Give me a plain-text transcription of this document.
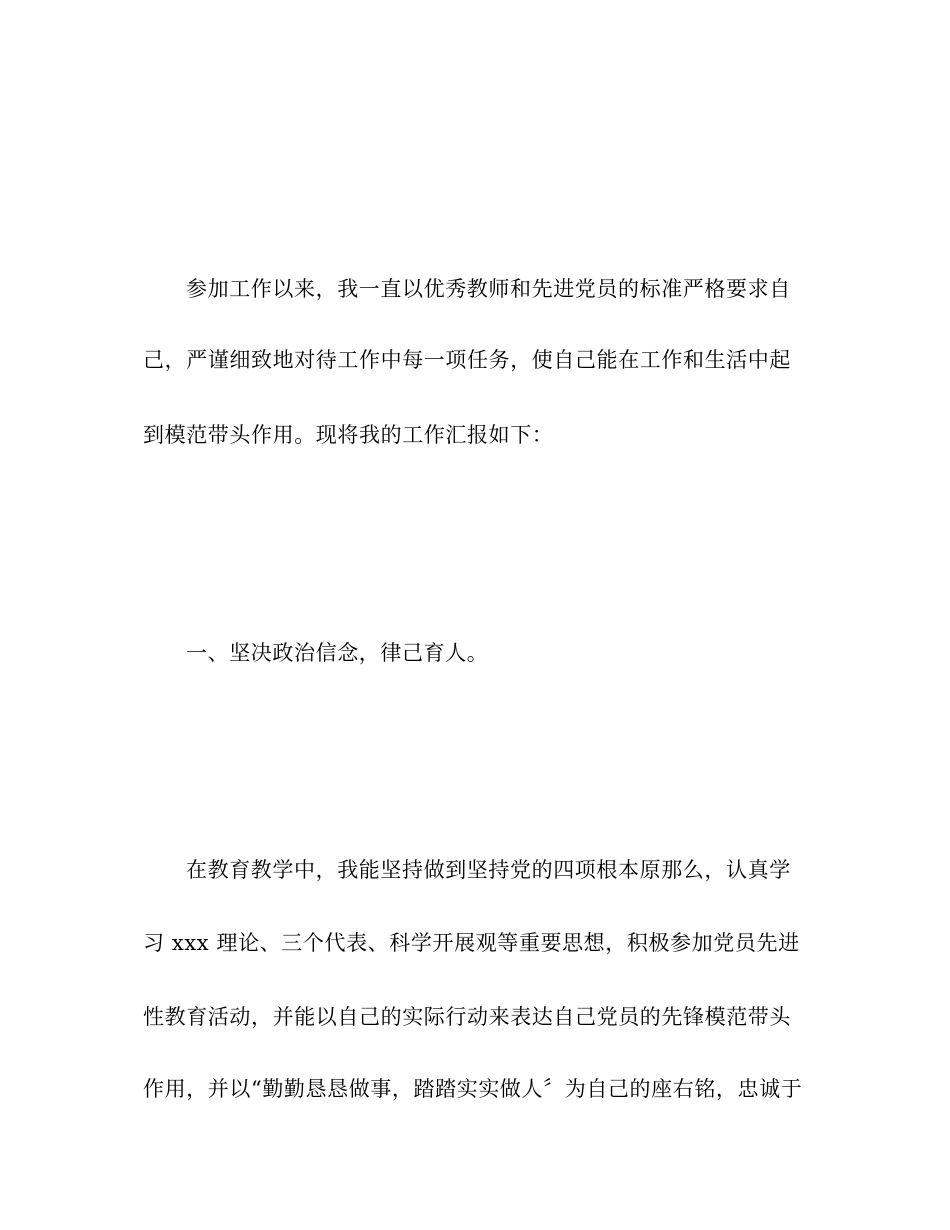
参加工作以来，我一直以优秀教师和先进党员的标准严格要求自
己，严谨细致地对待工作中每一项任务，使自己能在工作和生活中起
到模范带头作用。现将我的工作汇报如下：
一、坚决政治信念，律己育人。
在教育教学中，我能坚持做到坚持党的四项根本原那么，认真学
习 xxx 理论、三个代表、科学开展观等重要思想，积极参加党员先进
性教育活动，并能以自己的实际行动来表达自己党员的先锋模范带头
作用，并以“勤勤恳恳做事，踏踏实实做人〞为自己的座右铭，忠诚于
